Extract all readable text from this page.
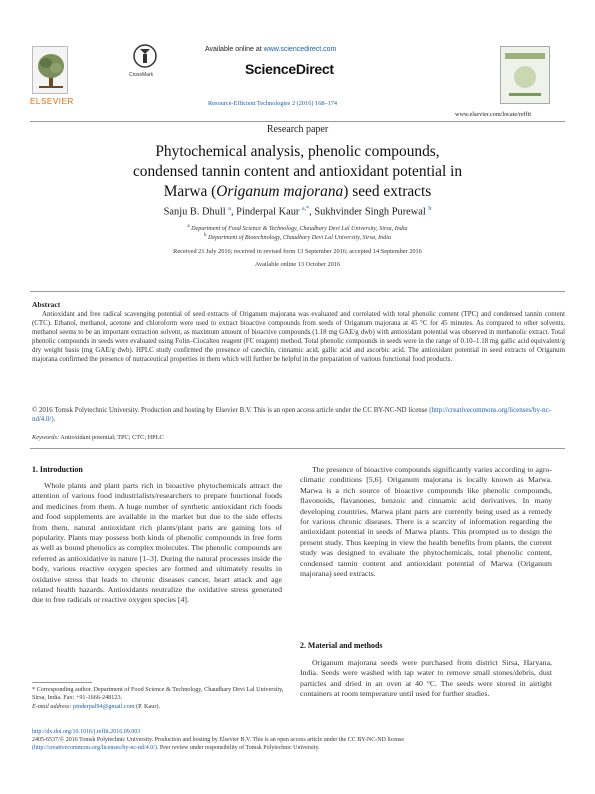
ELSEVIER
CrossMark
Available online at www.sciencedirect.com
ScienceDirect
Resource-Efficient Technologies 2 (2016) 168–174
www.elsevier.com/locate/reffit
Research paper
Phytochemical analysis, phenolic compounds,
condensed tannin content and antioxidant potential in
Marwa (Origanum majorana) seed extracts
Sanju B. Dhull $^a$, Pinderpal Kaur $^{a,*}$, Sukhvinder Singh Purewal $^b$
$^a$ Department of Food Science & Technology, Chaudhary Devi Lal University, Sirsa, India
$^b$ Department of Biotechnology, Chaudhary Devi Lal University, Sirsa, India
Received 21 July 2016; received in revised form 13 September 2016; accepted 14 September 2016
Available online 13 October 2016
Abstract
Antioxidant and free radical scavenging potential of seed extracts of Origanum majorana was evaluated and correlated with total phenolic content (TPC) and condensed tannin content (CTC). Ethanol, methanol, acetone and chloroform were used to extract bioactive compounds from seeds of Origanum majorana at 45 °C for 45 minutes. As compared to other solvents, methanol seems to be an important extraction solvent, as maximum amount of bioactive compounds (1.18 mg GAE/g dwb) with antioxidant potential was observed in methanolic extract. Total phenolic compounds in seeds were evaluated using Folin–Ciocalteu reagent (FC reagent) method. Total phenolic compounds in seeds were in the range of 0.10–1.18 mg gallic acid equivalent/g dry weight basis (mg GAE/g dwb). HPLC study confirmed the presence of catechin, cinnamic acid, gallic acid and ascorbic acid. The antioxidant potential in seed extracts of Origanum majorana confirmed the presence of nutraceutical properties in them which will further be helpful in the preparation of various functional food products.
© 2016 Tomsk Polytechnic University. Production and hosting by Elsevier B.V. This is an open access article under the CC BY-NC-ND license (http://creativecommons.org/licenses/by-nc-nd/4.0/).
Keywords: Antioxidant potential; TPC; CTC; HPLC
1. Introduction
Whole plants and plant parts rich in bioactive phytochemicals attract the attention of various food industrialists/researchers to prepare functional foods and medicines from them. A huge number of synthetic antioxidant rich foods and food supplements are available in the market but due to the side effects from them, natural antioxidant rich plants/plant parts are gaining lots of popularity. Plants may possess both kinds of phenolic compounds in free form as well as bound phenolics as complex molecules. The phenolic compounds are referred as antioxidative in nature [1–3]. During the natural processes inside the body, various reactive oxygen species are formed and ultimately results in oxidative stress that leads to chronic diseases cancer, heart attack and age related health hazards. Antioxidants neutralize the oxidative stress generated due to free radicals or reactive oxygen species [4].
The presence of bioactive compounds significantly varies according to agro-climatic conditions [5,6]. Origanum majorana is locally known as Marwa. Marwa is a rich source of bioactive compounds like phenolic compounds, flavonoids, flavanones, benzoic and cinnamic acid derivatives. In many developing countries, Marwa plant parts are currently being used as a remedy for various chronic diseases. There is a scarcity of information regarding the antioxidant potential in seeds of Marwa plants. This prompted us to design the present study. Thus keeping in view the health benefits from plants, the current study was designed to evaluate the phytochemicals, total phenolic content, condensed tannin content and antioxidant potential of Marwa (Origanum majorana) seed extracts.
2. Material and methods
Origanum majorana seeds were purchased from district Sirsa, Haryana, India. Seeds were washed with tap water to remove small stones/debris, dust particles and dried in an oven at 40 °C. The seeds were stored in airtight containers at room temperature until used for further studies.
* Corresponding author. Department of Food Science & Technology, Chaudhary Devi Lal University, Sirsa, India. Fax: +91-1666-248123.
E-mail address: pinderpal94@gmail.com (P. Kaur).
http://dx.doi.org/10.1016/j.reffit.2016.09.003
2405-6537/© 2016 Tomsk Polytechnic University. Production and hosting by Elsevier B.V. This is an open access article under the CC BY-NC-ND license
(http://creativecommons.org/licenses/by-nc-nd/4.0/). Peer review under responsibility of Tomsk Polytechnic University.
